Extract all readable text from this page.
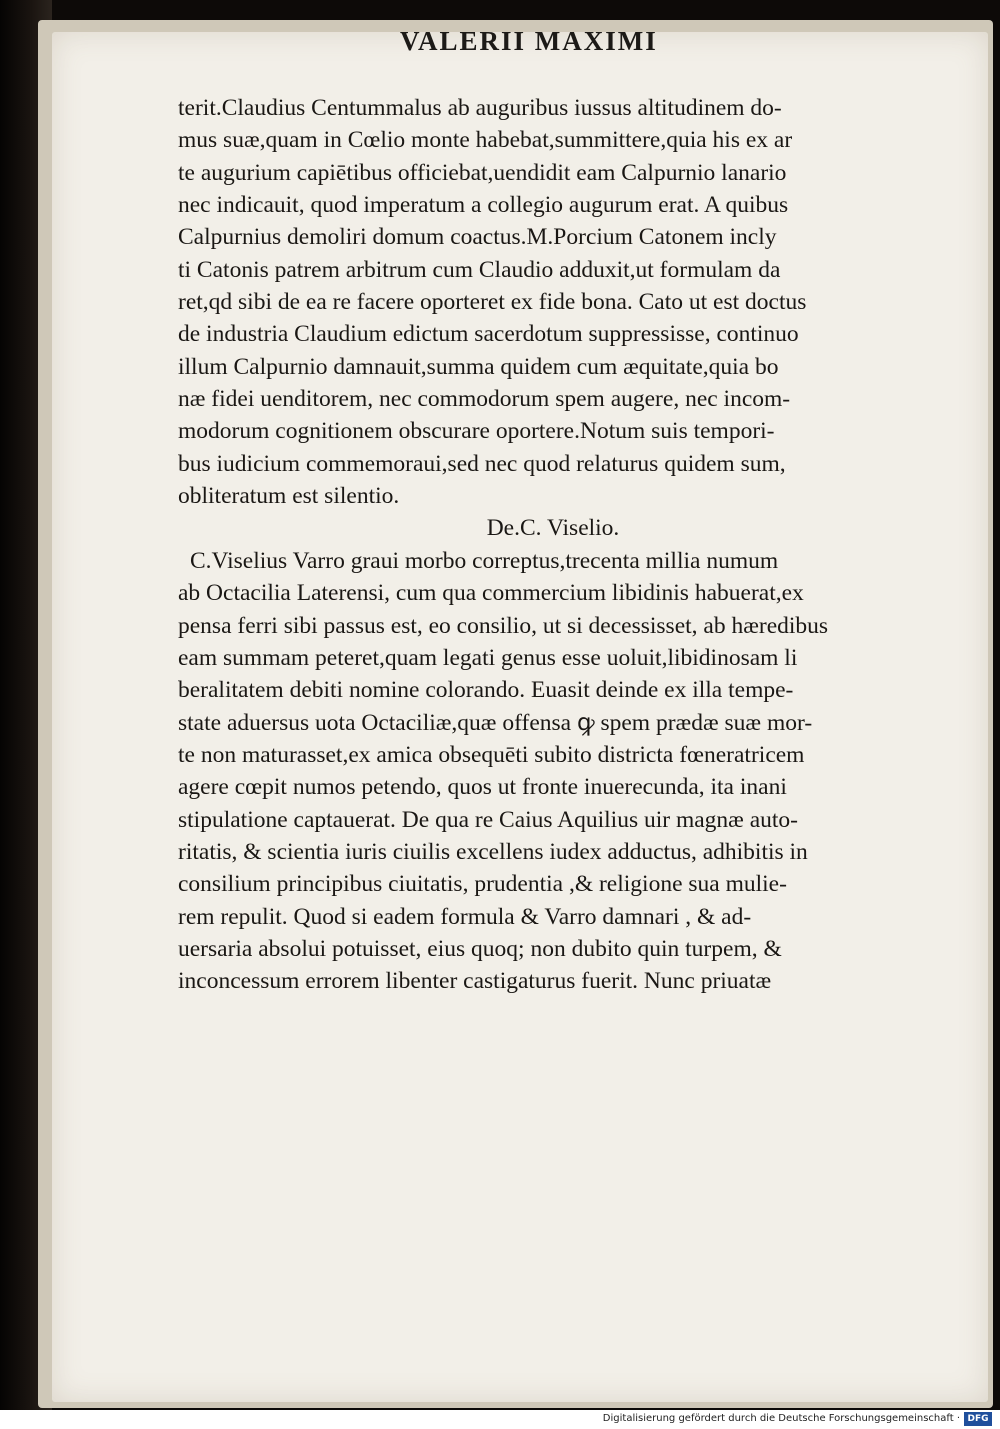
VALERII MAXIMI
terit.Claudius Centummalus ab auguribus iussus altitudinem do-
mus suæ,quam in Cœlio monte habebat,summittere,quia his ex ar
te augurium capiētibus officiebat,uendidit eam Calpurnio lanario
nec indicauit, quod imperatum a collegio augurum erat. A quibus
Calpurnius demoliri domum coactus.M.Porcium Catonem incly
ti Catonis patrem arbitrum cum Claudio adduxit,ut formulam da
ret,qd sibi de ea re facere oporteret ex fide bona. Cato ut est doctus
de industria Claudium edictum sacerdotum suppressisse, continuo
illum Calpurnio damnauit,summa quidem cum æquitate,quia bo
næ fidei uenditorem, nec commodorum spem augere, nec incom-
modorum cognitionem obscurare oportere.Notum suis tempori-
bus iudicium commemoraui,sed nec quod relaturus quidem sum,
obliteratum est silentio.
De.C. Viselio.
C.Viselius Varro graui morbo correptus,trecenta millia numum
ab Octacilia Laterensi, cum qua commercium libidinis habuerat,ex
pensa ferri sibi passus est, eo consilio, ut si decessisset, ab hæredibus
eam summam peteret,quam legati genus esse uoluit,libidinosam li
beralitatem debiti nomine colorando. Euasit deinde ex illa tempe-
state aduersus uota Octaciliæ,quæ offensa ꝙ spem prædæ suæ mor-
te non maturasset,ex amica obsequēti subito districta fœneratricem
agere cœpit numos petendo, quos ut fronte inuerecunda, ita inani
stipulatione captauerat. De qua re Caius Aquilius uir magnæ auto-
ritatis, & scientia iuris ciuilis excellens iudex adductus, adhibitis in
consilium principibus ciuitatis, prudentia ,& religione sua mulie-
rem repulit. Quod si eadem formula & Varro damnari , & ad-
uersaria absolui potuisset, eius quoq; non dubito quin turpem, &
inconcessum errorem libenter castigaturus fuerit. Nunc priuatæ
Digitalisierung gefördert durch die Deutsche Forschungsgemeinschaft · DFG
